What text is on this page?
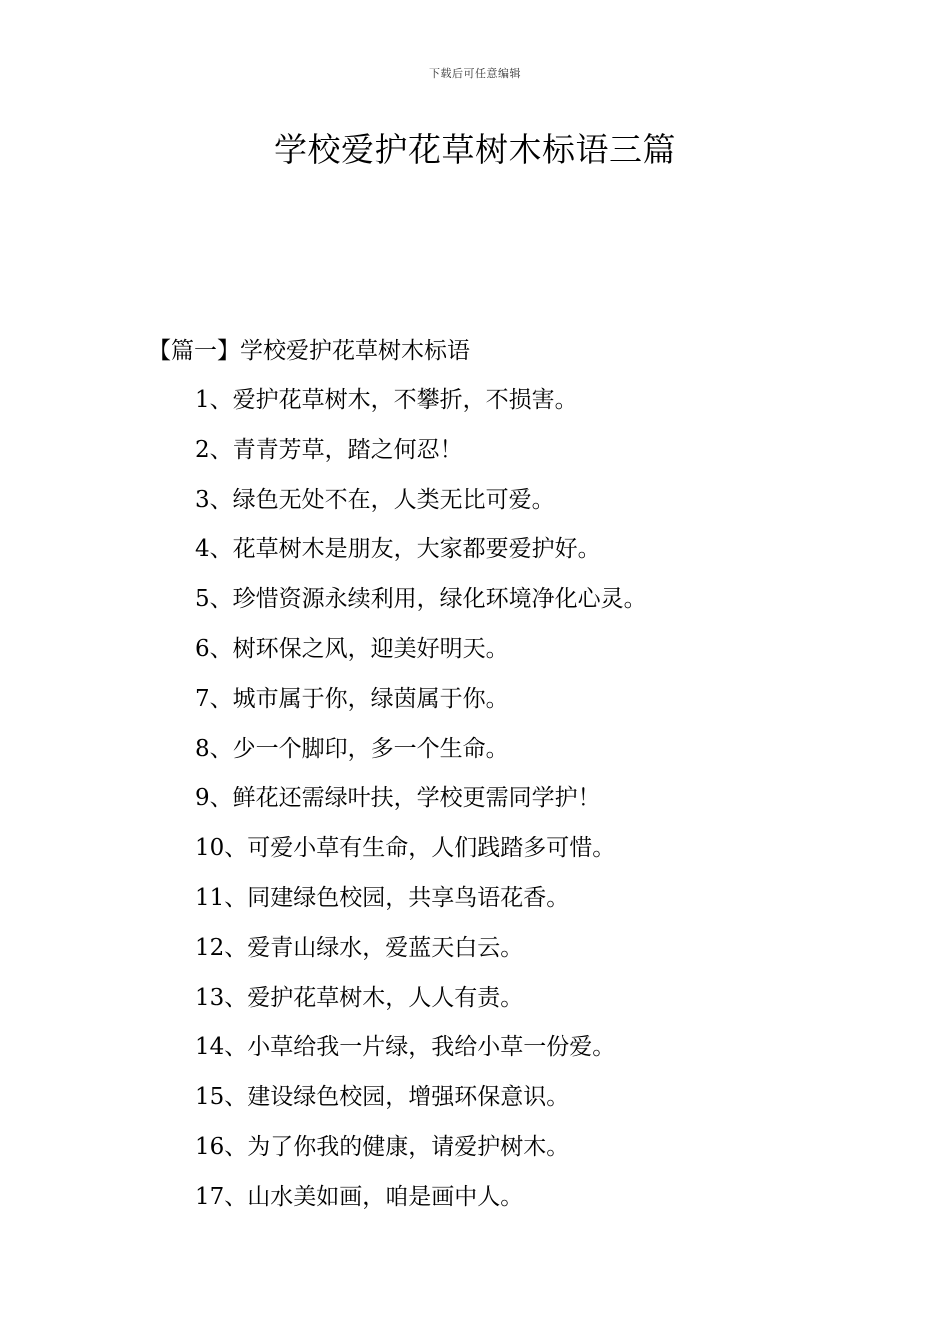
下载后可任意编辑
学校爱护花草树木标语三篇
【篇一】学校爱护花草树木标语
1、爱护花草树木，不攀折，不损害。
2、青青芳草，踏之何忍！
3、绿色无处不在，人类无比可爱。
4、花草树木是朋友，大家都要爱护好。
5、珍惜资源永续利用，绿化环境净化心灵。
6、树环保之风，迎美好明天。
7、城市属于你，绿茵属于你。
8、少一个脚印，多一个生命。
9、鲜花还需绿叶扶，学校更需同学护！
10、可爱小草有生命，人们践踏多可惜。
11、同建绿色校园，共享鸟语花香。
12、爱青山绿水，爱蓝天白云。
13、爱护花草树木，人人有责。
14、小草给我一片绿，我给小草一份爱。
15、建设绿色校园，增强环保意识。
16、为了你我的健康，请爱护树木。
17、山水美如画，咱是画中人。
